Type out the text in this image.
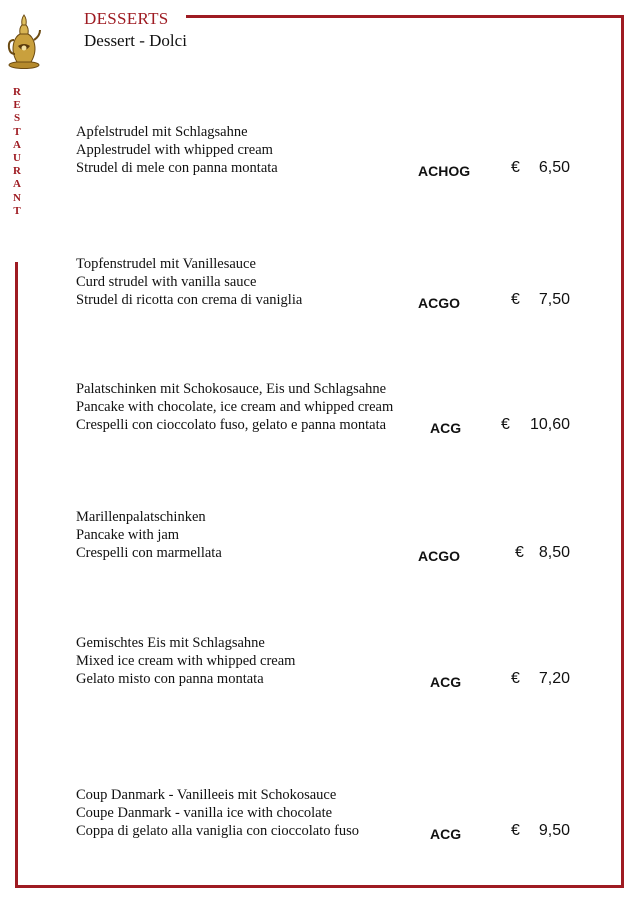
R
E
S
T
A
U
R
A
N
T
DESSERTS
Dessert - Dolci
Apfelstrudel mit Schlagsahne
Applestrudel with whipped cream
Strudel di mele con panna montata	ACHOG	€ 6,50
Topfenstrudel mit Vanillesauce
Curd strudel with vanilla sauce
Strudel di ricotta con crema di vaniglia	ACGO	€ 7,50
Palatschinken mit Schokosauce, Eis und Schlagsahne
Pancake with chocolate, ice cream and whipped cream
Crespelli con cioccolato fuso, gelato e panna montata	ACG € 10,60
Marillenpalatschinken
Pancake with jam
Crespelli con marmellata	ACGO	€ 8,50
Gemischtes Eis mit Schlagsahne
Mixed ice cream with whipped cream
Gelato misto con panna montata	ACG	€ 7,20
Coup Danmark - Vanilleeis mit Schokosauce
Coupe Danmark - vanilla ice with chocolate
Coppa di gelato alla vaniglia con cioccolato fuso	ACG	€ 9,50
